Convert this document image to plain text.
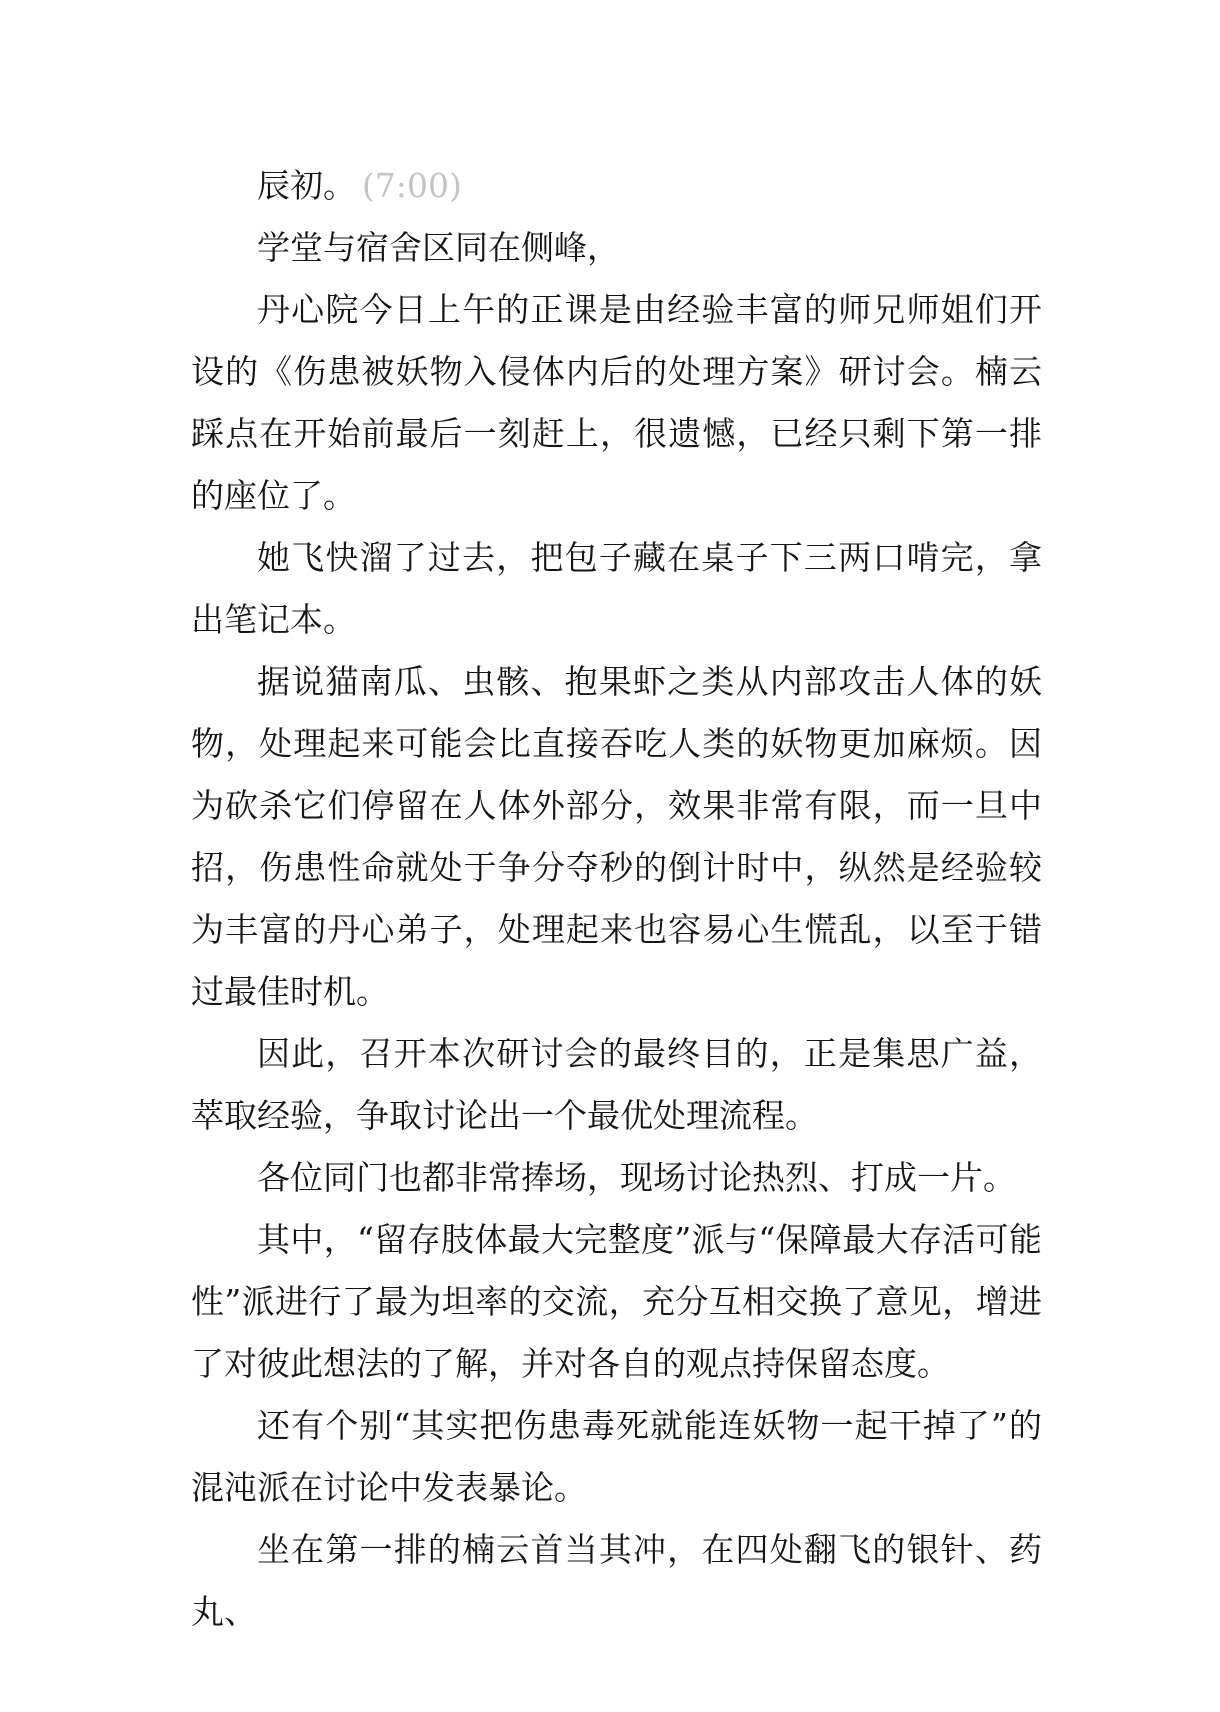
辰初。 (7:00)

学堂与宿舍区同在侧峰，

丹心院今日上午的正课是由经验丰富的师兄师姐们开设的《伤患被妖物入侵体内后的处理方案》研讨会。楠云踩点在开始前最后一刻赶上，很遗憾，已经只剩下第一排的座位了。

她飞快溜了过去，把包子藏在桌子下三两口啃完，拿出笔记本。

据说猫南瓜、虫骸、抱果虾之类从内部攻击人体的妖物，处理起来可能会比直接吞吃人类的妖物更加麻烦。因为砍杀它们停留在人体外部分，效果非常有限，而一旦中招，伤患性命就处于争分夺秒的倒计时中，纵然是经验较为丰富的丹心弟子，处理起来也容易心生慌乱，以至于错过最佳时机。

因此，召开本次研讨会的最终目的，正是集思广益，萃取经验，争取讨论出一个最优处理流程。

各位同门也都非常捧场，现场讨论热烈、打成一片。

其中，“留存肢体最大完整度”派与“保障最大存活可能性”派进行了最为坦率的交流，充分互相交换了意见，增进了对彼此想法的了解，并对各自的观点持保留态度。

还有个别“其实把伤患毒死就能连妖物一起干掉了”的混沌派在讨论中发表暴论。

坐在第一排的楠云首当其冲，在四处翻飞的银针、药丸、
